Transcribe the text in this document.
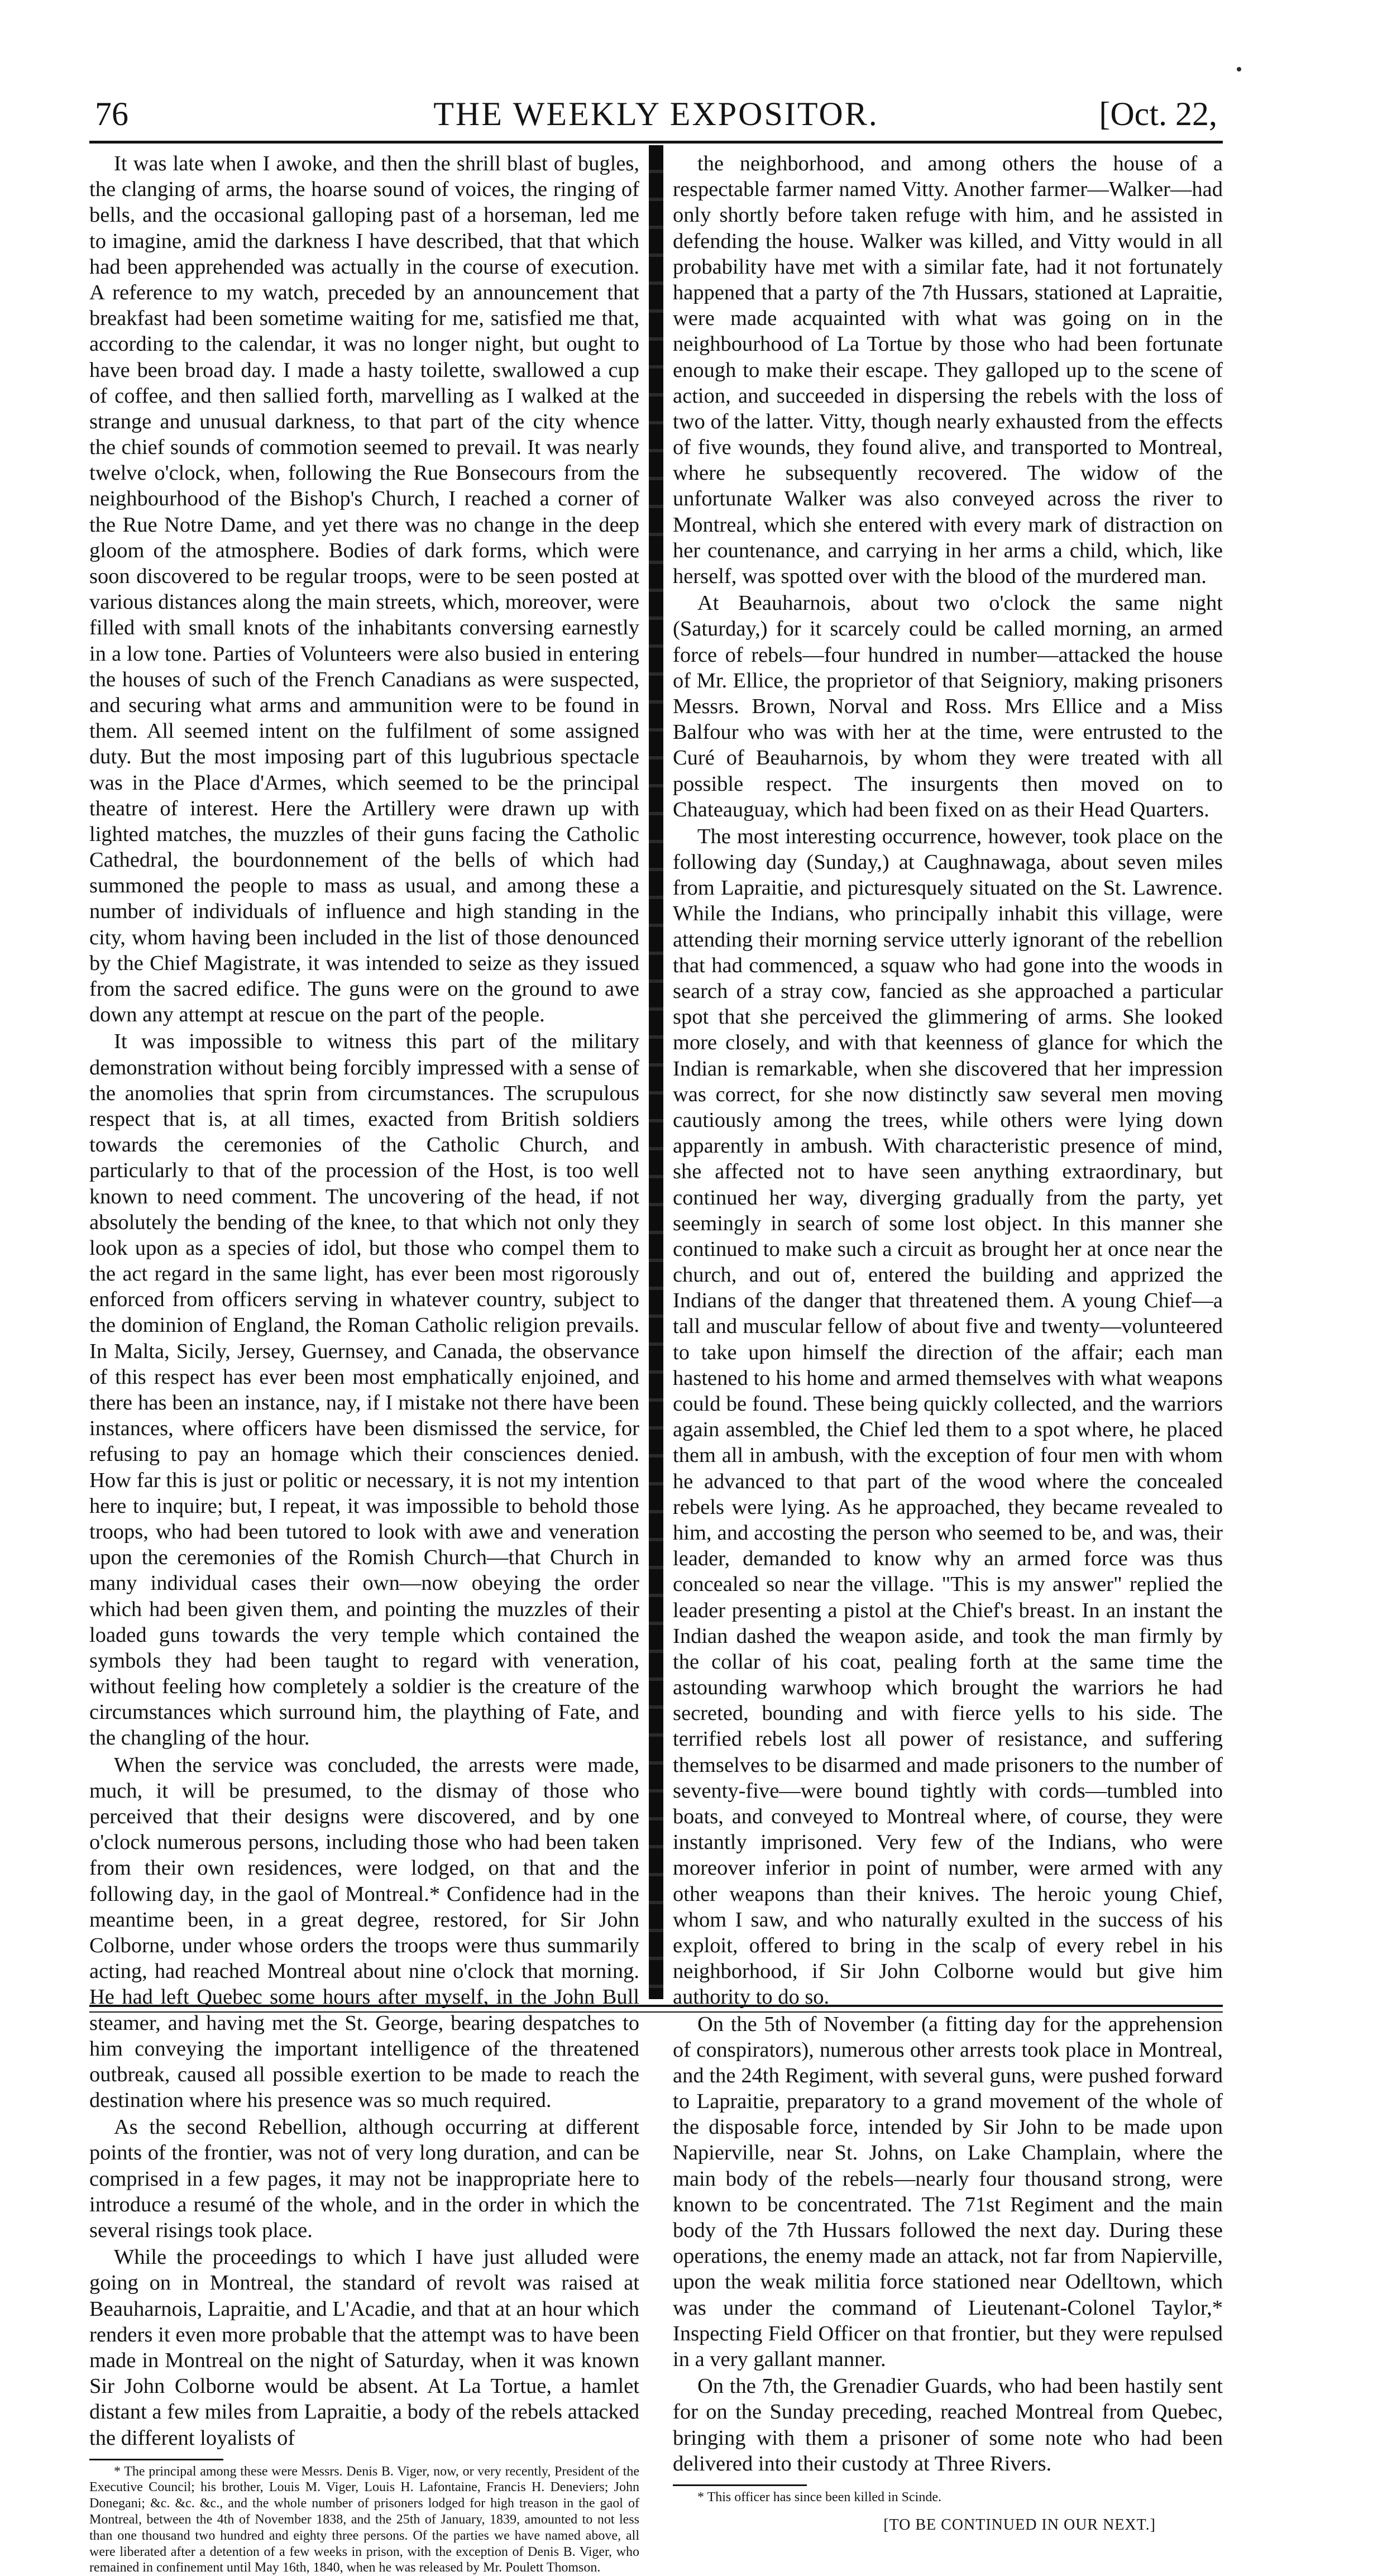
THE WEEKLY EXPOSITOR.
76	[Oct. 22,

It was late when I awoke, and then the shrill blast of bugles, the clanging of arms, the hoarse sound of voices, the ringing of bells, and the occasional galloping past of a horseman, led me to imagine, amid the darkness I have described, that that which had been apprehended was actually in the course of execution. A reference to my watch, preceded by an announcement that breakfast had been sometime waiting for me, satisfied me that, according to the calendar, it was no longer night, but ought to have been broad day. I made a hasty toilette, swallowed a cup of coffee, and then sallied forth, marvelling as I walked at the strange and unusual darkness, to that part of the city whence the chief sounds of commotion seemed to prevail. It was nearly twelve o'clock, when, following the Rue Bonsecours from the neighbourhood of the Bishop's Church, I reached a corner of the Rue Notre Dame, and yet there was no change in the deep gloom of the atmosphere. Bodies of dark forms, which were soon discovered to be regular troops, were to be seen posted at various distances along the main streets, which, moreover, were filled with small knots of the inhabitants conversing earnestly in a low tone. Parties of Volunteers were also busied in entering the houses of such of the French Canadians as were suspected, and securing what arms and ammunition were to be found in them. All seemed intent on the fulfilment of some assigned duty. But the most imposing part of this lugubrious spectacle was in the Place d'Armes, which seemed to be the principal theatre of interest. Here the Artillery were drawn up with lighted matches, the muzzles of their guns facing the Catholic Cathedral, the bourdonnement of the bells of which had summoned the people to mass as usual, and among these a number of individuals of influence and high standing in the city, whom having been included in the list of those denounced by the Chief Magistrate, it was intended to seize as they issued from the sacred edifice. The guns were on the ground to awe down any attempt at rescue on the part of the people.

It was impossible to witness this part of the military demonstration without being forcibly impressed with a sense of the anomolies that sprin from circumstances. The scrupulous respect that is, at all times, exacted from British soldiers towards the ceremonies of the Catholic Church, and particularly to that of the procession of the Host, is too well known to need comment. The uncovering of the head, if not absolutely the bending of the knee, to that which not only they look upon as a species of idol, but those who compel them to the act regard in the same light, has ever been most rigorously enforced from officers serving in whatever country, subject to the dominion of England, the Roman Catholic religion prevails. In Malta, Sicily, Jersey, Guernsey, and Canada, the observance of this respect has ever been most emphatically enjoined, and there has been an instance, nay, if I mistake not there have been instances, where officers have been dismissed the service, for refusing to pay an homage which their consciences denied. How far this is just or politic or necessary, it is not my intention here to inquire; but, I repeat, it was impossible to behold those troops, who had been tutored to look with awe and veneration upon the ceremonies of the Romish Church—that Church in many individual cases their own—now obeying the order which had been given them, and pointing the muzzles of their loaded guns towards the very temple which contained the symbols they had been taught to regard with veneration, without feeling how completely a soldier is the creature of the circumstances which surround him, the plaything of Fate, and the changling of the hour.

When the service was concluded, the arrests were made, much, it will be presumed, to the dismay of those who perceived that their designs were discovered, and by one o'clock numerous persons, including those who had been taken from their own residences, were lodged, on that and the following day, in the gaol of Montreal.* Confidence had in the meantime been, in a great degree, restored, for Sir John Colborne, under whose orders the troops were thus summarily acting, had reached Montreal about nine o'clock that morning. He had left Quebec some hours after myself, in the John Bull steamer, and having met the St. George, bearing despatches to him conveying the important intelligence of the threatened outbreak, caused all possible exertion to be made to reach the destination where his presence was so much required.

As the second Rebellion, although occurring at different points of the frontier, was not of very long duration, and can be comprised in a few pages, it may not be inappropriate here to introduce a resumé of the whole, and in the order in which the several risings took place.

While the proceedings to which I have just alluded were going on in Montreal, the standard of revolt was raised at Beauharnois, Lapraitie, and L'Acadie, and that at an hour which renders it even more probable that the attempt was to have been made in Montreal on the night of Saturday, when it was known Sir John Colborne would be absent. At La Tortue, a hamlet distant a few miles from Lapraitie, a body of the rebels attacked the different loyalists of

* The principal among these were Messrs. Denis B. Viger, now, or very recently, President of the Executive Council; his brother, Louis M. Viger, Louis H. Lafontaine, Francis H. Deneviers; John Donegani; &c. &c. &c., and the whole number of prisoners lodged for high treason in the gaol of Montreal, between the 4th of November 1838, and the 25th of January, 1839, amounted to not less than one thousand two hundred and eighty three persons. Of the parties we have named above, all were liberated after a detention of a few weeks in prison, with the exception of Denis B. Viger, who remained in confinement until May 16th, 1840, when he was released by Mr. Poulett Thomson.

the neighborhood, and among others the house of a respectable farmer named Vitty. Another farmer—Walker—had only shortly before taken refuge with him, and he assisted in defending the house. Walker was killed, and Vitty would in all probability have met with a similar fate, had it not fortunately happened that a party of the 7th Hussars, stationed at Lapraitie, were made acquainted with what was going on in the neighbourhood of La Tortue by those who had been fortunate enough to make their escape. They galloped up to the scene of action, and succeeded in dispersing the rebels with the loss of two of the latter. Vitty, though nearly exhausted from the effects of five wounds, they found alive, and transported to Montreal, where he subsequently recovered. The widow of the unfortunate Walker was also conveyed across the river to Montreal, which she entered with every mark of distraction on her countenance, and carrying in her arms a child, which, like herself, was spotted over with the blood of the murdered man.

At Beauharnois, about two o'clock the same night (Saturday,) for it scarcely could be called morning, an armed force of rebels—four hundred in number—attacked the house of Mr. Ellice, the proprietor of that Seigniory, making prisoners Messrs. Brown, Norval and Ross. Mrs Ellice and a Miss Balfour who was with her at the time, were entrusted to the Curé of Beauharnois, by whom they were treated with all possible respect. The insurgents then moved on to Chateauguay, which had been fixed on as their Head Quarters.

The most interesting occurrence, however, took place on the following day (Sunday,) at Caughnawaga, about seven miles from Lapraitie, and picturesquely situated on the St. Lawrence. While the Indians, who principally inhabit this village, were attending their morning service utterly ignorant of the rebellion that had commenced, a squaw who had gone into the woods in search of a stray cow, fancied as she approached a particular spot that she perceived the glimmering of arms. She looked more closely, and with that keenness of glance for which the Indian is remarkable, when she discovered that her impression was correct, for she now distinctly saw several men moving cautiously among the trees, while others were lying down apparently in ambush. With characteristic presence of mind, she affected not to have seen anything extraordinary, but continued her way, diverging gradually from the party, yet seemingly in search of some lost object. In this manner she continued to make such a circuit as brought her at once near the church, and out of, entered the building and apprized the Indians of the danger that threatened them. A young Chief—a tall and muscular fellow of about five and twenty—volunteered to take upon himself the direction of the affair; each man hastened to his home and armed themselves with what weapons could be found. These being quickly collected, and the warriors again assembled, the Chief led them to a spot where, he placed them all in ambush, with the exception of four men with whom he advanced to that part of the wood where the concealed rebels were lying. As he approached, they became revealed to him, and accosting the person who seemed to be, and was, their leader, demanded to know why an armed force was thus concealed so near the village. "This is my answer" replied the leader presenting a pistol at the Chief's breast. In an instant the Indian dashed the weapon aside, and took the man firmly by the collar of his coat, pealing forth at the same time the astounding warwhoop which brought the warriors he had secreted, bounding and with fierce yells to his side. The terrified rebels lost all power of resistance, and suffering themselves to be disarmed and made prisoners to the number of seventy-five—were bound tightly with cords—tumbled into boats, and conveyed to Montreal where, of course, they were instantly imprisoned. Very few of the Indians, who were moreover inferior in point of number, were armed with any other weapons than their knives. The heroic young Chief, whom I saw, and who naturally exulted in the success of his exploit, offered to bring in the scalp of every rebel in his neighborhood, if Sir John Colborne would but give him authority to do so.

On the 5th of November (a fitting day for the apprehension of conspirators), numerous other arrests took place in Montreal, and the 24th Regiment, with several guns, were pushed forward to Lapraitie, preparatory to a grand movement of the whole of the disposable force, intended by Sir John to be made upon Napierville, near St. Johns, on Lake Champlain, where the main body of the rebels—nearly four thousand strong, were known to be concentrated. The 71st Regiment and the main body of the 7th Hussars followed the next day. During these operations, the enemy made an attack, not far from Napierville, upon the weak militia force stationed near Odelltown, which was under the command of Lieutenant-Colonel Taylor,* Inspecting Field Officer on that frontier, but they were repulsed in a very gallant manner.

On the 7th, the Grenadier Guards, who had been hastily sent for on the Sunday preceding, reached Montreal from Quebec, bringing with them a prisoner of some note who had been delivered into their custody at Three Rivers.

* This officer has since been killed in Scinde.

[TO BE CONTINUED IN OUR NEXT.]
